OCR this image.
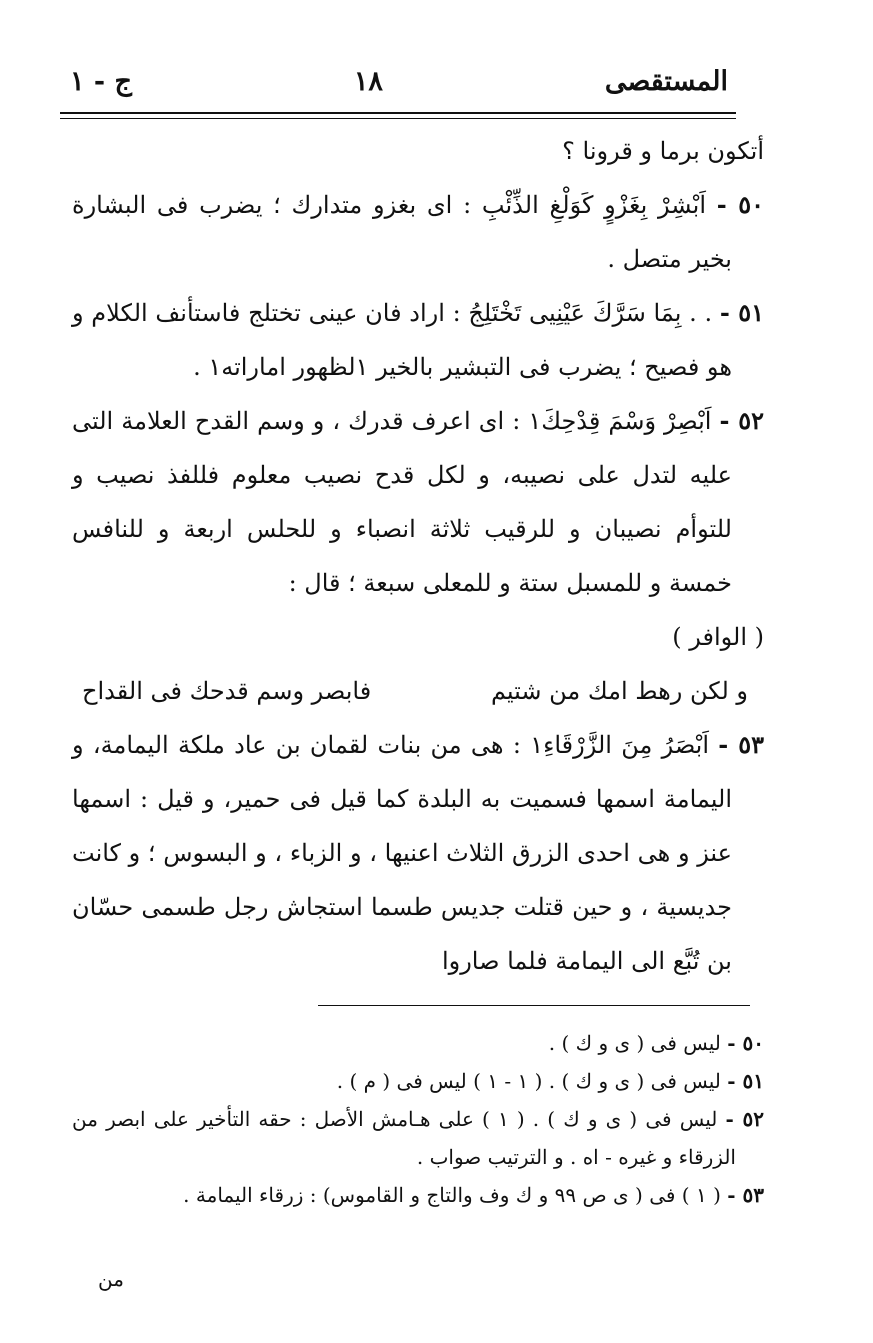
المستقصى
١٨
ج - ١

أتكون برما و قرونا ؟

٥٠ - اَبْشِرْ بِغَزْوٍ كَوَلْغِ الذِّئْبِ : اى بغزو متدارك ؛ يضرب فى البشارة بخير متصل .

٥١ - . . بِمَا سَرَّكَ عَيْنِيى تَخْتَلِجُ : اراد فان عينى تختلج فاستأنف الكلام و هو فصيح ؛ يضرب فى التبشير بالخير ١لظهور اماراته١ .

٥٢ - اَبْصِرْ وَسْمَ قِدْحِكَ١ : اى اعرف قدرك ، و وسم القدح العلامة التى عليه لتدل على نصيبه، و لكل قدح نصيب معلوم فللفذ نصيب و للتوأم نصيبان و للرقيب ثلاثة انصباء و للحلس اربعة و للنافس خمسة و للمسبل ستة و للمعلى سبعة ؛ قال :

( الوافر )

و لكن رهط امك من شتيم
فابصر وسم قدحك فى القداح

٥٣ - اَبْصَرُ مِنَ الزَّرْقَاءِ١ : هى من بنات لقمان بن عاد ملكة اليمامة، و اليمامة اسمها فسميت به البلدة كما قيل فى حمير، و قيل : اسمها عنز و هى احدى الزرق الثلاث اعنيها ، و الزباء ، و البسوس ؛ و كانت جديسية ، و حين قتلت جديس طسما استجاش رجل طسمى حسّان بن تُبَّع الى اليمامة فلما صاروا

٥٠ - ليس فى ( ى و ك ) .

٥١ - ليس فى ( ى و ك ) . ( ١ - ١ ) ليس فى ( م ) .

٥٢ - ليس فى ( ى و ك ) . ( ١ ) على هـامش الأصل : حقه التأخير على ابصر من الزرقاء و غيره - اه . و الترتيب صواب .

٥٣ - ( ١ ) فى ( ى ص ٩٩ و ك وف والتاج و القاموس) : زرقاء اليمامة .

من
